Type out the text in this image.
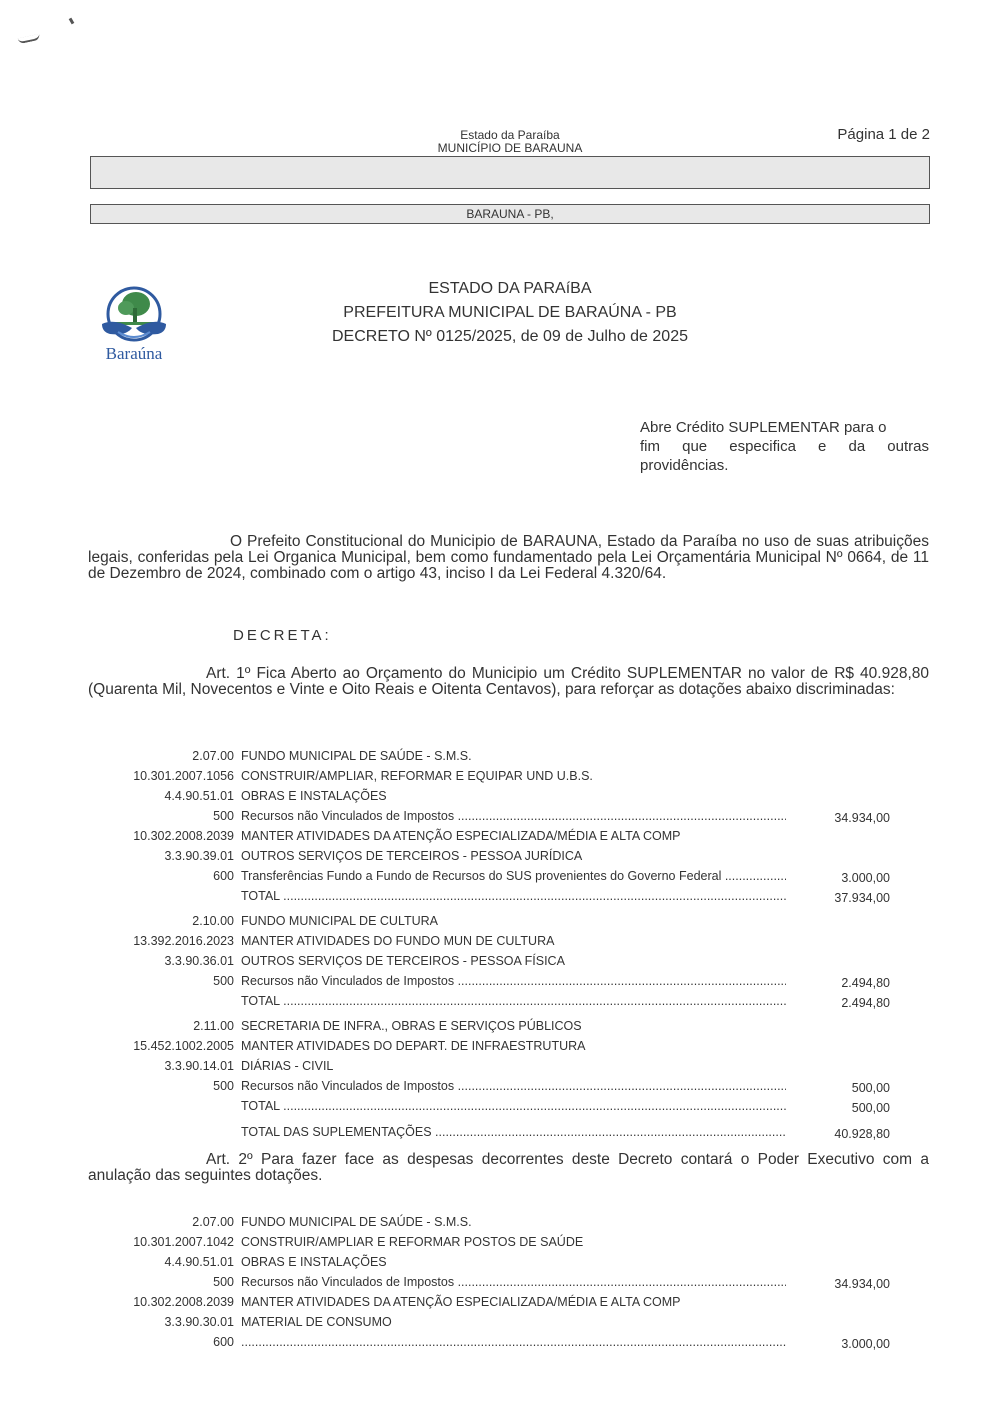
Estado da Paraíba
MUNICÍPIO DE BARAUNA
Página 1 de 2
BARAUNA - PB,
Baraúna
ESTADO DA PARAíBA
PREFEITURA MUNICIPAL DE BARAÚNA - PB
DECRETO Nº 0125/2025, de 09 de Julho de 2025
Abre Crédito SUPLEMENTAR para o
fim que especifica e da outras
providências.
O Prefeito Constitucional do Municipio de BARAUNA, Estado da Paraíba no uso de suas atribuições legais, conferidas pela Lei Organica Municipal, bem como fundamentado pela Lei Orçamentária Municipal Nº 0664, de 11 de Dezembro de 2024, combinado com o artigo 43, inciso I da Lei Federal 4.320/64.
DECRETA:
Art. 1º Fica Aberto ao Orçamento do Municipio um Crédito SUPLEMENTAR no valor de R$ 40.928,80 (Quarenta Mil, Novecentos e Vinte e Oito Reais e Oitenta Centavos), para reforçar as dotações abaixo discriminadas:
2.07.00 FUNDO MUNICIPAL DE SAÚDE - S.M.S.
10.301.2007.1056 CONSTRUIR/AMPLIAR, REFORMAR E EQUIPAR UND U.B.S.
4.4.90.51.01 OBRAS E INSTALAÇÕES
500 Recursos não Vinculados de Impostos .....	34.934,00
10.302.2008.2039 MANTER ATIVIDADES DA ATENÇÃO ESPECIALIZADA/MÉDIA E ALTA COMP
3.3.90.39.01 OUTROS SERVIÇOS DE TERCEIROS - PESSOA JURÍDICA
600 Transferências Fundo a Fundo de Recursos do SUS provenientes do Governo Federal .....	3.000,00
TOTAL .....	37.934,00
2.10.00 FUNDO MUNICIPAL DE CULTURA
13.392.2016.2023 MANTER ATIVIDADES DO FUNDO MUN DE CULTURA
3.3.90.36.01 OUTROS SERVIÇOS DE TERCEIROS - PESSOA FÍSICA
500 Recursos não Vinculados de Impostos .....	2.494,80
TOTAL .....	2.494,80
2.11.00 SECRETARIA DE INFRA., OBRAS E SERVIÇOS PÚBLICOS
15.452.1002.2005 MANTER ATIVIDADES DO DEPART. DE INFRAESTRUTURA
3.3.90.14.01 DIÁRIAS - CIVIL
500 Recursos não Vinculados de Impostos .....	500,00
TOTAL .....	500,00
TOTAL DAS SUPLEMENTAÇÕES .....	40.928,80
Art. 2º Para fazer face as despesas decorrentes deste Decreto contará o Poder Executivo com a anulação das seguintes dotações.
2.07.00 FUNDO MUNICIPAL DE SAÚDE - S.M.S.
10.301.2007.1042 CONSTRUIR/AMPLIAR E REFORMAR POSTOS DE SAÚDE
4.4.90.51.01 OBRAS E INSTALAÇÕES
500 Recursos não Vinculados de Impostos .....	34.934,00
10.302.2008.2039 MANTER ATIVIDADES DA ATENÇÃO ESPECIALIZADA/MÉDIA E ALTA COMP
3.3.90.30.01 MATERIAL DE CONSUMO
600 .....	3.000,00
